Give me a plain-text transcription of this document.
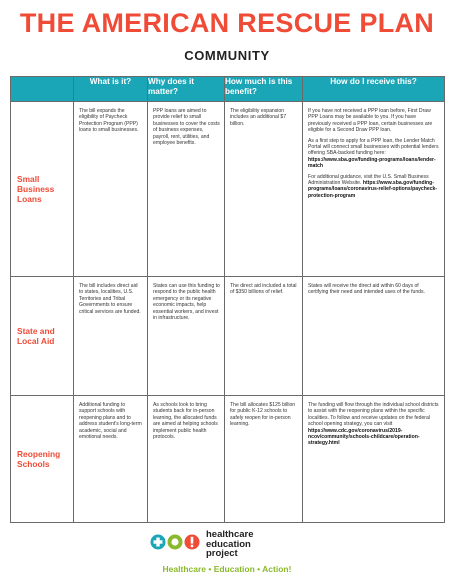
THE AMERICAN RESCUE PLAN
COMMUNITY
	What is it?	Why does it matter?	How much is this benefit?	How do I receive this?
Small Business Loans	The bill expands the eligibility of Paycheck Protection Program (PPP) loans to small businesses.	PPP loans are aimed to provide relief to small businesses to cover the costs of business expenses, payroll, rent, utilities, and employee benefits.	The eligibility expansion includes an additional $7 billion.	If you have not received a PPP loan before, First Draw PPP Loans may be available to you. If you have previously received a PPP loan, certain businesses are eligible for a Second Draw PPP loan.

As a first step to apply for a PPP loan, the Lender Match Portal will connect small businesses with potential lenders offering SBA-backed funding here: https://www.sba.gov/funding-programs/loans/lender-match

For additional guidance, visit the U.S. Small Business Administration Website. https://www.sba.gov/funding-programs/loans/coronavirus-relief-options/paycheck-protection-program

State and Local Aid	The bill includes direct aid to states, localities, U.S. Territories and Tribal Governments to ensure critical services are funded.	States can use this funding to respond to the public health emergency or its negative economic impacts, help essential workers, and invest in infrastructure.	The direct aid included a total of $350 billions of relief.	States will receive the direct aid within 60 days of certifying their need and intended uses of the funds.

Reopening Schools	Additional funding to support schools with reopening plans and to address student's long-term academic, social and emotional needs.	As schools look to bring students back for in-person learning, the allocated funds are aimed at helping schools implement public health protocols.	The bill allocates $125 billion for public K-12 schools to safely reopen for in-person learning.	The funding will flow through the individual school districts to assist with the reopening plans within the specific localities. To follow and receive updates on the federal school opening strategy, you can visit https://www.cdc.gov/coronavirus/2019-ncov/community/schools-childcare/operation-strategy.html

healthcare
education
project
Healthcare • Education • Action!
